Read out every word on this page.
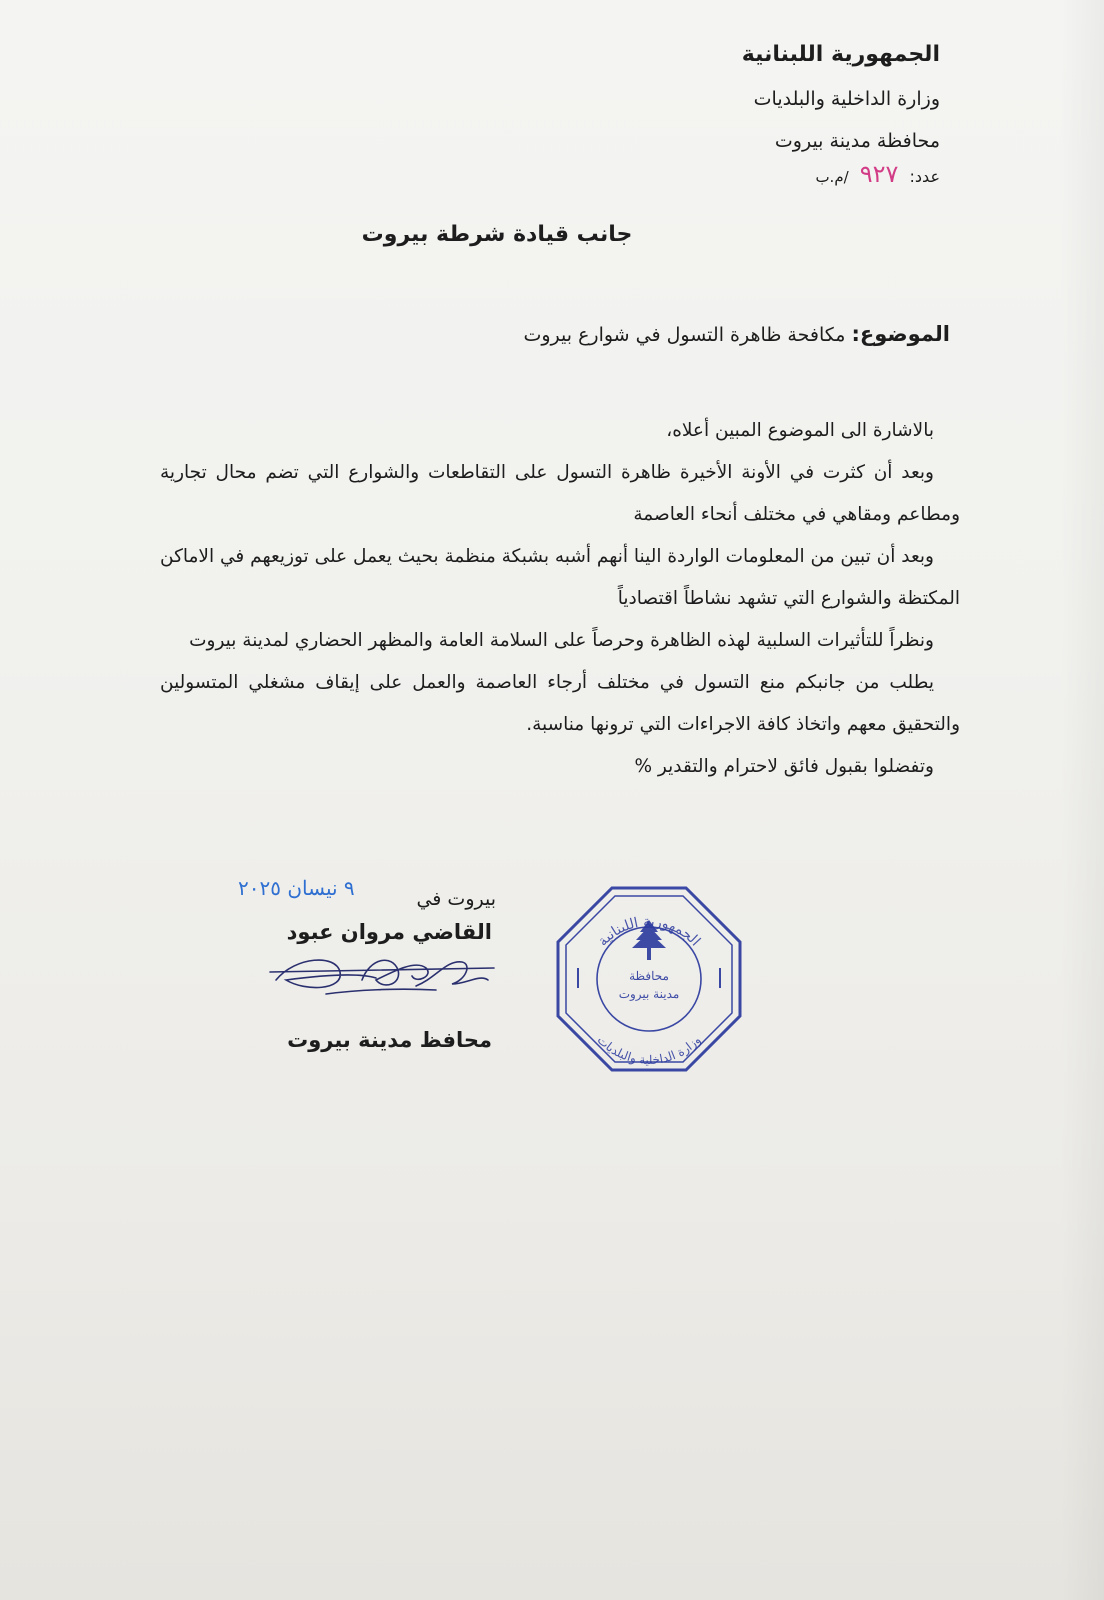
الجمهورية اللبنانية
وزارة الداخلية والبلديات
محافظة مدينة بيروت
عدد: ٩٢٧ /م.ب
جانب قيادة شرطة بيروت
الموضوع: مكافحة ظاهرة التسول في شوارع بيروت

بالاشارة الى الموضوع المبين أعلاه،

وبعد أن كثرت في الأونة الأخيرة ظاهرة التسول على التقاطعات والشوارع التي تضم محال تجارية ومطاعم ومقاهي في مختلف أنحاء العاصمة

وبعد أن تبين من المعلومات الواردة الينا أنهم أشبه بشبكة منظمة بحيث يعمل على توزيعهم في الاماكن المكتظة والشوارع التي تشهد نشاطاً اقتصادياً

ونظراً للتأثيرات السلبية لهذه الظاهرة وحرصاً على السلامة العامة والمظهر الحضاري لمدينة بيروت

يطلب من جانبكم منع التسول في مختلف أرجاء العاصمة والعمل على إيقاف مشغلي المتسولين والتحقيق معهم واتخاذ كافة الاجراءات التي ترونها مناسبة.

وتفضلوا بقبول فائق لاحترام والتقدير %

بيروت في
٩ نيسان ٢٠٢٥
القاضي مروان عبود
محافظ مدينة بيروت
الجمهورية اللبنانية
وزارة الداخلية والبلديات
محافظة
مدينة بيروت
